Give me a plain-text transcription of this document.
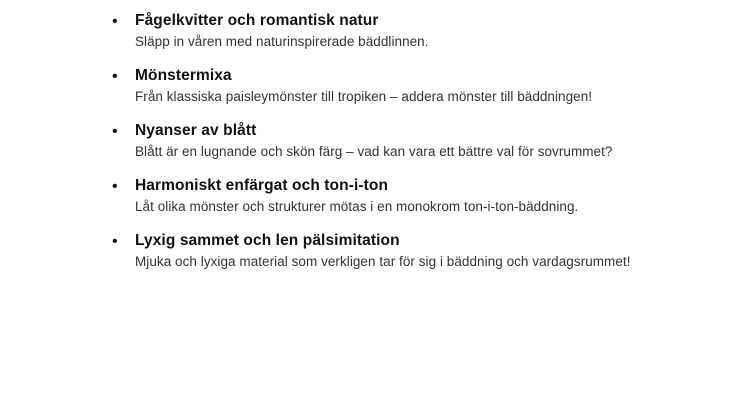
• Fågelkvitter och romantisk natur
Släpp in våren med naturinspirerade bäddlinnen.
• Mönstermixa
Från klassiska paisleymönster till tropiken – addera mönster till bäddningen!
• Nyanser av blått
Blått är en lugnande och skön färg – vad kan vara ett bättre val för sovrummet?
• Harmoniskt enfärgat och ton-i-ton
Låt olika mönster och strukturer mötas i en monokrom ton-i-ton-bäddning.
• Lyxig sammet och len pälsimitation
Mjuka och lyxiga material som verkligen tar för sig i bäddning och vardagsrummet!
